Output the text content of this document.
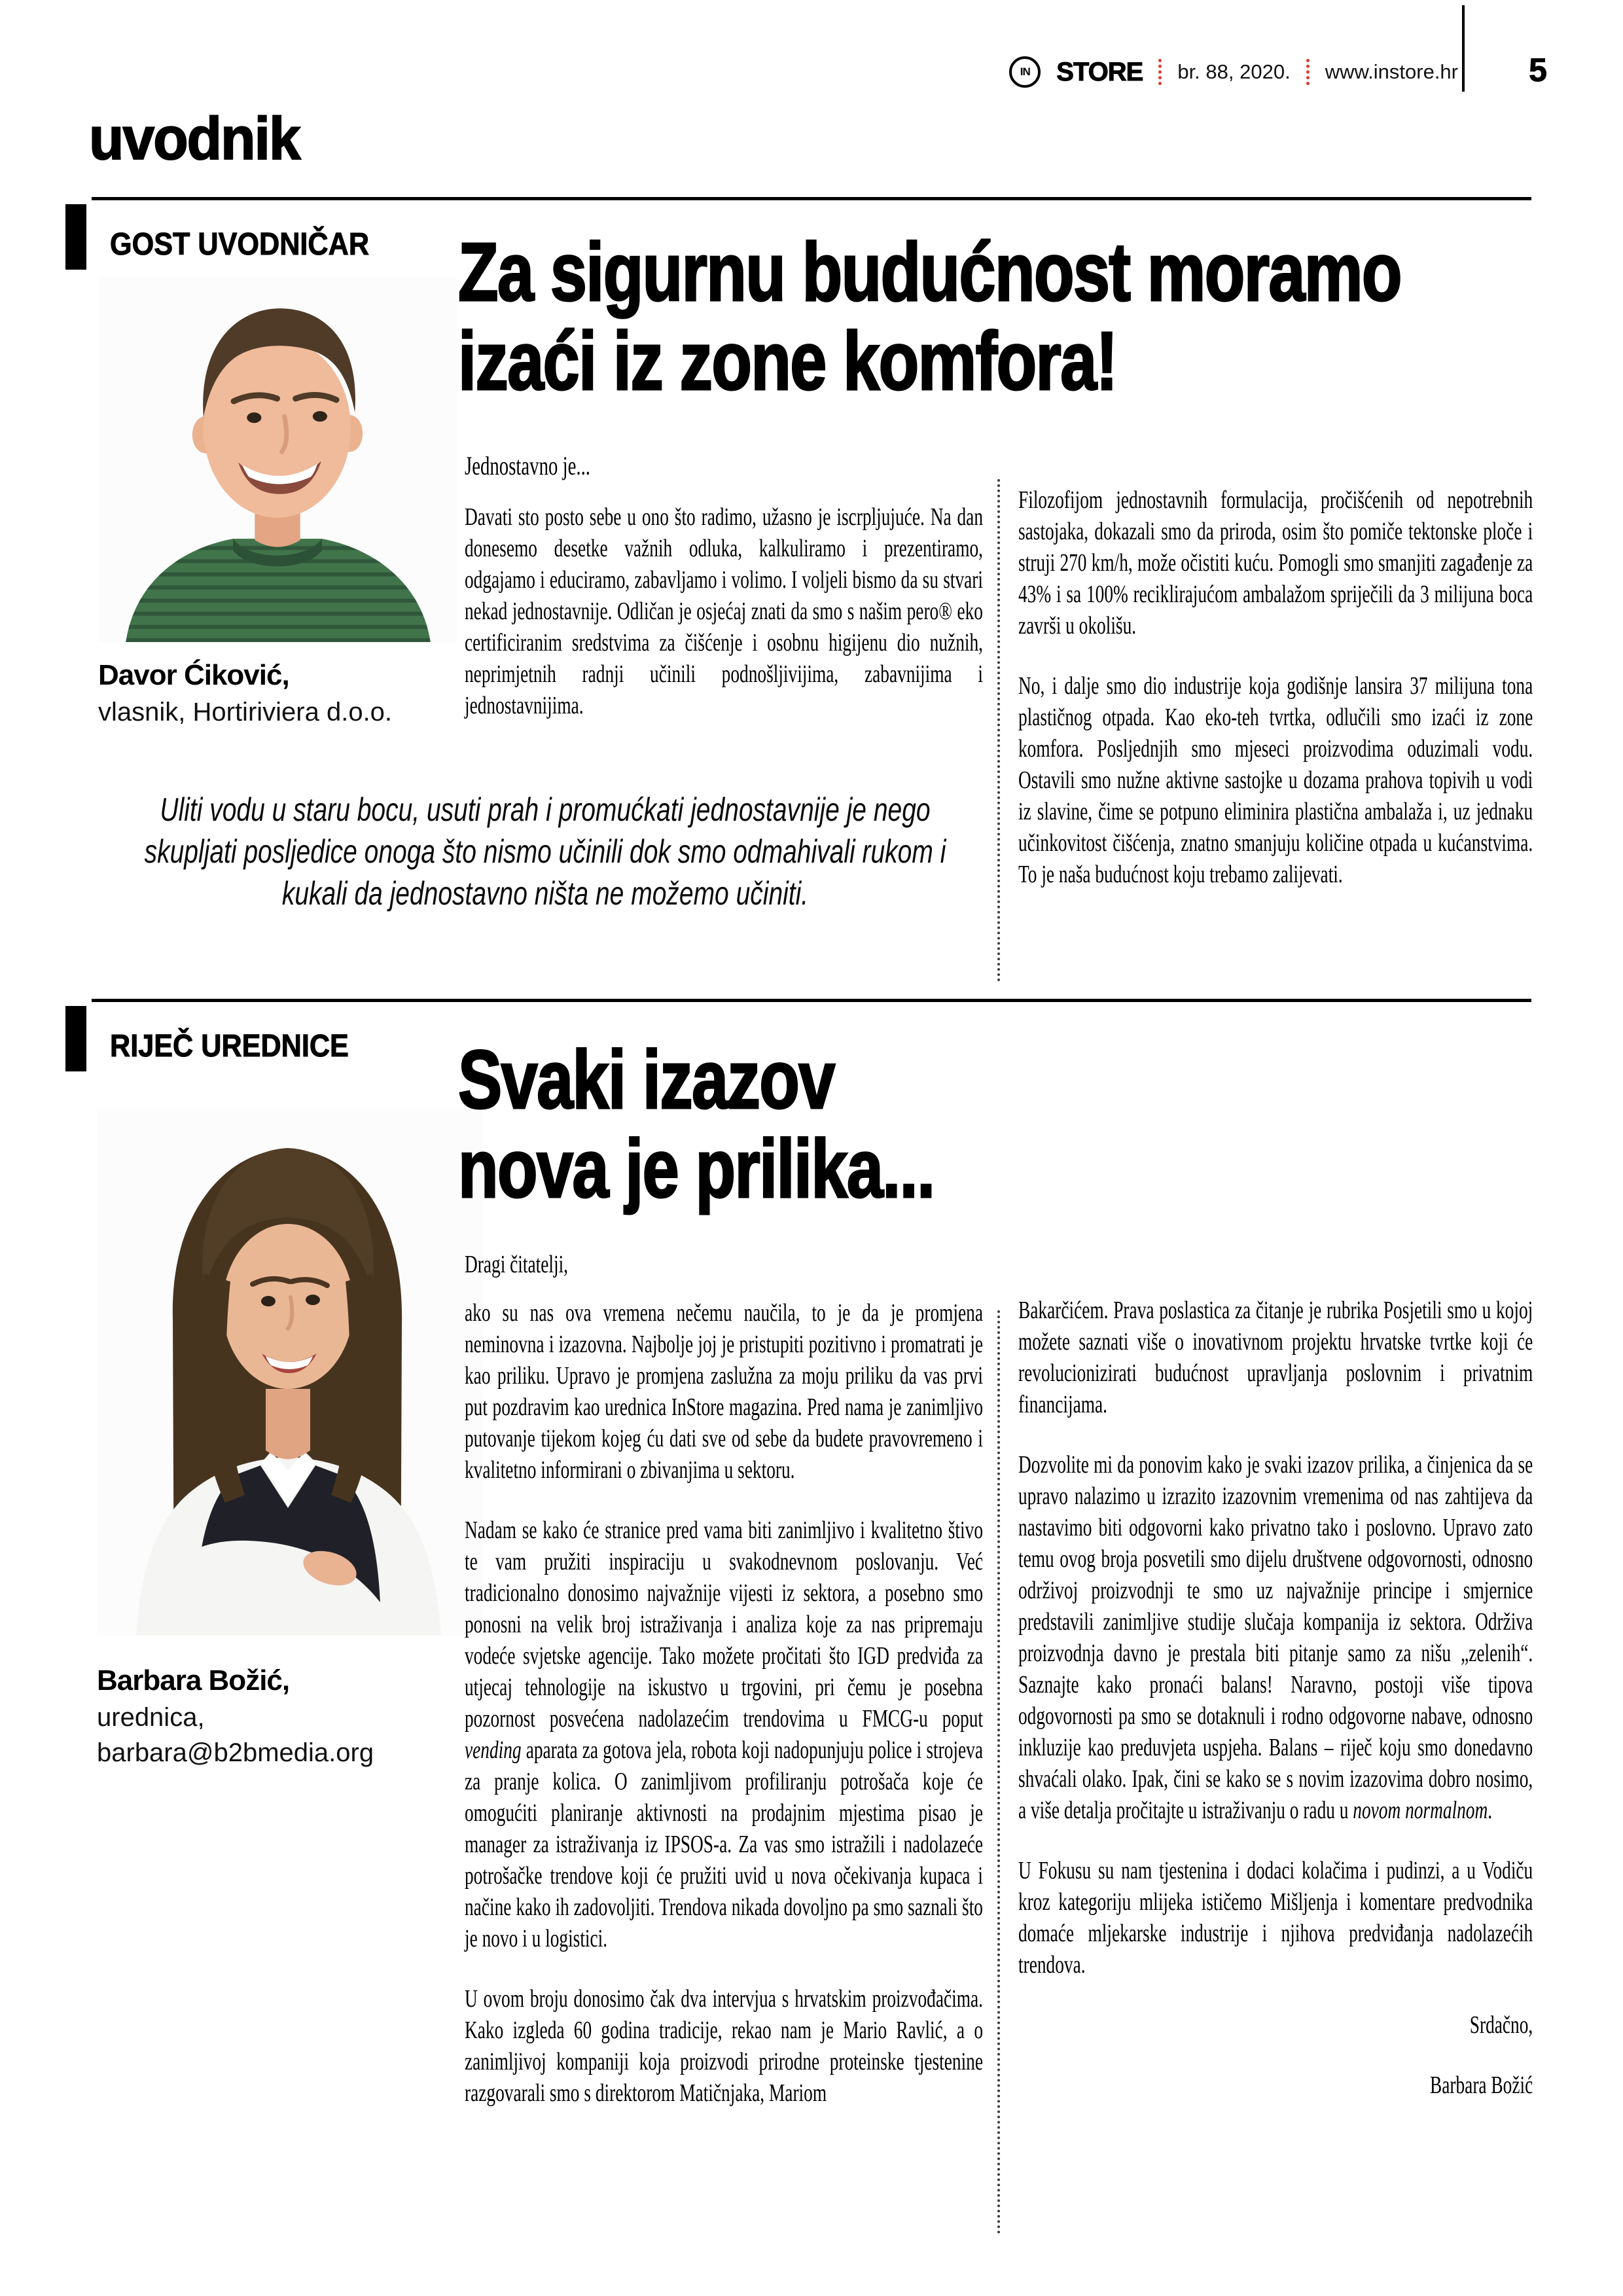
IN	STORE br. 88, 2020. www.instore.hr	5
uvodnik
GOST UVODNIČAR
Davor Ćiković,
vlasnik, Hortiriviera d.o.o.
Za sigurnu budućnost moramo
izaći iz zone komfora!
Jednostavno je...

Davati sto posto sebe u ono što radimo, užasno je iscrpljujuće. Na dan donesemo desetke važnih odluka, kalkuliramo i prezentiramo, odgajamo i educiramo, zabavljamo i volimo. I voljeli bismo da su stvari nekad jednostavnije. Odličan je osjećaj znati da smo s našim pero® eko certificiranim sredstvima za čišćenje i osobnu higijenu dio nužnih, neprimjetnih radnji učinili podnošljivijima, zabavnijima i jednostavnijima.

Filozofijom jednostavnih formulacija, pročišćenih od nepotrebnih sastojaka, dokazali smo da priroda, osim što pomiče tektonske ploče i struji 270 km/h, može očistiti kuću. Pomogli smo smanjiti zagađenje za 43% i sa 100% reciklirajućom ambalažom spriječili da 3 milijuna boca završi u okolišu.

No, i dalje smo dio industrije koja godišnje lansira 37 milijuna tona plastičnog otpada. Kao eko-teh tvrtka, odlučili smo izaći iz zone komfora. Posljednjih smo mjeseci proizvodima oduzimali vodu. Ostavili smo nužne aktivne sastojke u dozama prahova topivih u vodi iz slavine, čime se potpuno eliminira plastična ambalaža i, uz jednaku učinkovitost čišćenja, znatno smanjuju količine otpada u kućanstvima. To je naša budućnost koju trebamo zalijevati.

Uliti vodu u staru bocu, usuti prah i promućkati jednostavnije je nego skupljati posljedice onoga što nismo učinili dok smo odmahivali rukom i kukali da jednostavno ništa ne možemo učiniti.
RIJEČ UREDNICE
Barbara Božić,
urednica,
barbara@b2bmedia.org
Svaki izazov
nova je prilika...
Dragi čitatelji,

ako su nas ova vremena nečemu naučila, to je da je promjena neminovna i izazovna. Najbolje joj je pristupiti pozitivno i promatrati je kao priliku. Upravo je promjena zaslužna za moju priliku da vas prvi put pozdravim kao urednica InStore magazina. Pred nama je zanimljivo putovanje tijekom kojeg ću dati sve od sebe da budete pravovremeno i kvalitetno informirani o zbivanjima u sektoru.

Nadam se kako će stranice pred vama biti zanimljivo i kvalitetno štivo te vam pružiti inspiraciju u svakodnevnom poslovanju. Već tradicionalno donosimo najvažnije vijesti iz sektora, a posebno smo ponosni na velik broj istraživanja i analiza koje za nas pripremaju vodeće svjetske agencije. Tako možete pročitati što IGD predviđa za utjecaj tehnologije na iskustvo u trgovini, pri čemu je posebna pozornost posvećena nadolazećim trendovima u FMCG-u poput vending aparata za gotova jela, robota koji nadopunjuju police i strojeva za pranje kolica. O zanimljivom profiliranju potrošača koje će omogućiti planiranje aktivnosti na prodajnim mjestima pisao je manager za istraživanja iz IPSOS-a. Za vas smo istražili i nadolazeće potrošačke trendove koji će pružiti uvid u nova očekivanja kupaca i načine kako ih zadovoljiti. Trendova nikada dovoljno pa smo saznali što je novo i u logistici.

U ovom broju donosimo čak dva intervjua s hrvatskim proizvođačima. Kako izgleda 60 godina tradicije, rekao nam je Mario Ravlić, a o zanimljivoj kompaniji koja proizvodi prirodne proteinske tjestenine razgovarali smo s direktorom Matičnjaka, Mariom

Bakarčićem. Prava poslastica za čitanje je rubrika Posjetili smo u kojoj možete saznati više o inovativnom projektu hrvatske tvrtke koji će revolucionizirati budućnost upravljanja poslovnim i privatnim financijama.

Dozvolite mi da ponovim kako je svaki izazov prilika, a činjenica da se upravo nalazimo u izrazito izazovnim vremenima od nas zahtijeva da nastavimo biti odgovorni kako privatno tako i poslovno. Upravo zato temu ovog broja posvetili smo dijelu društvene odgovornosti, odnosno održivoj proizvodnji te smo uz najvažnije principe i smjernice predstavili zanimljive studije slučaja kompanija iz sektora. Održiva proizvodnja davno je prestala biti pitanje samo za nišu „zelenih“. Saznajte kako pronaći balans! Naravno, postoji više tipova odgovornosti pa smo se dotaknuli i rodno odgovorne nabave, odnosno inkluzije kao preduvjeta uspjeha. Balans – riječ koju smo donedavno shvaćali olako. Ipak, čini se kako se s novim izazovima dobro nosimo, a više detalja pročitajte u istraživanju o radu u novom normalnom.

U Fokusu su nam tjestenina i dodaci kolačima i pudinzi, a u Vodiču kroz kategoriju mlijeka ističemo Mišljenja i komentare predvodnika domaće mljekarske industrije i njihova predviđanja nadolazećih trendova.

Srdačno,

Barbara Božić
